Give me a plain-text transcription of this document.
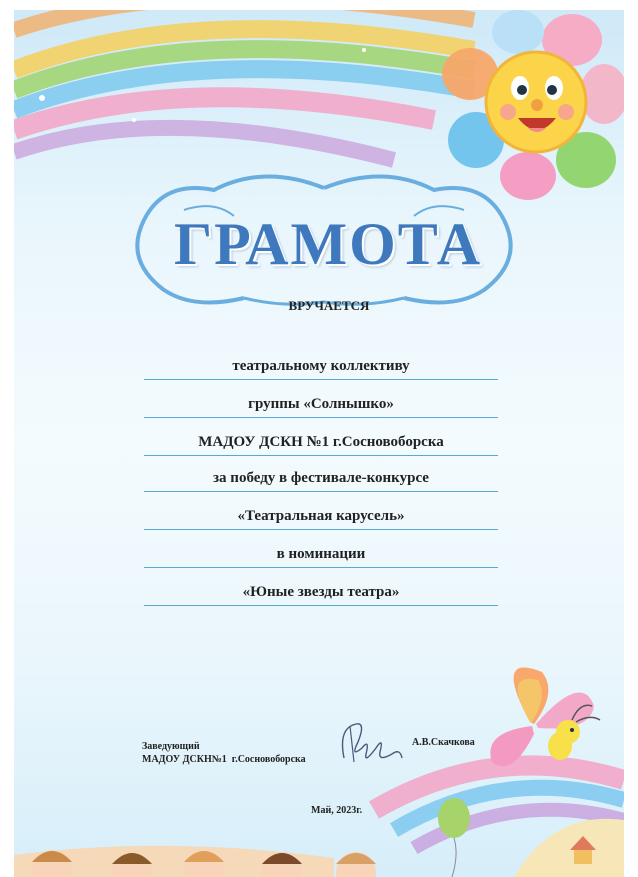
ГРАМОТА
ВРУЧАЕТСЯ
театральному коллективу
группы «Солнышко»
МАДОУ ДСКН №1 г.Сосновоборска
за победу в фестивале-конкурсе
«Театральная карусель»
в номинации
«Юные звезды театра»
Заведующий
МАДОУ ДСКН№1  г.Сосновоборска
А.В.Скачкова
Май, 2023г.
